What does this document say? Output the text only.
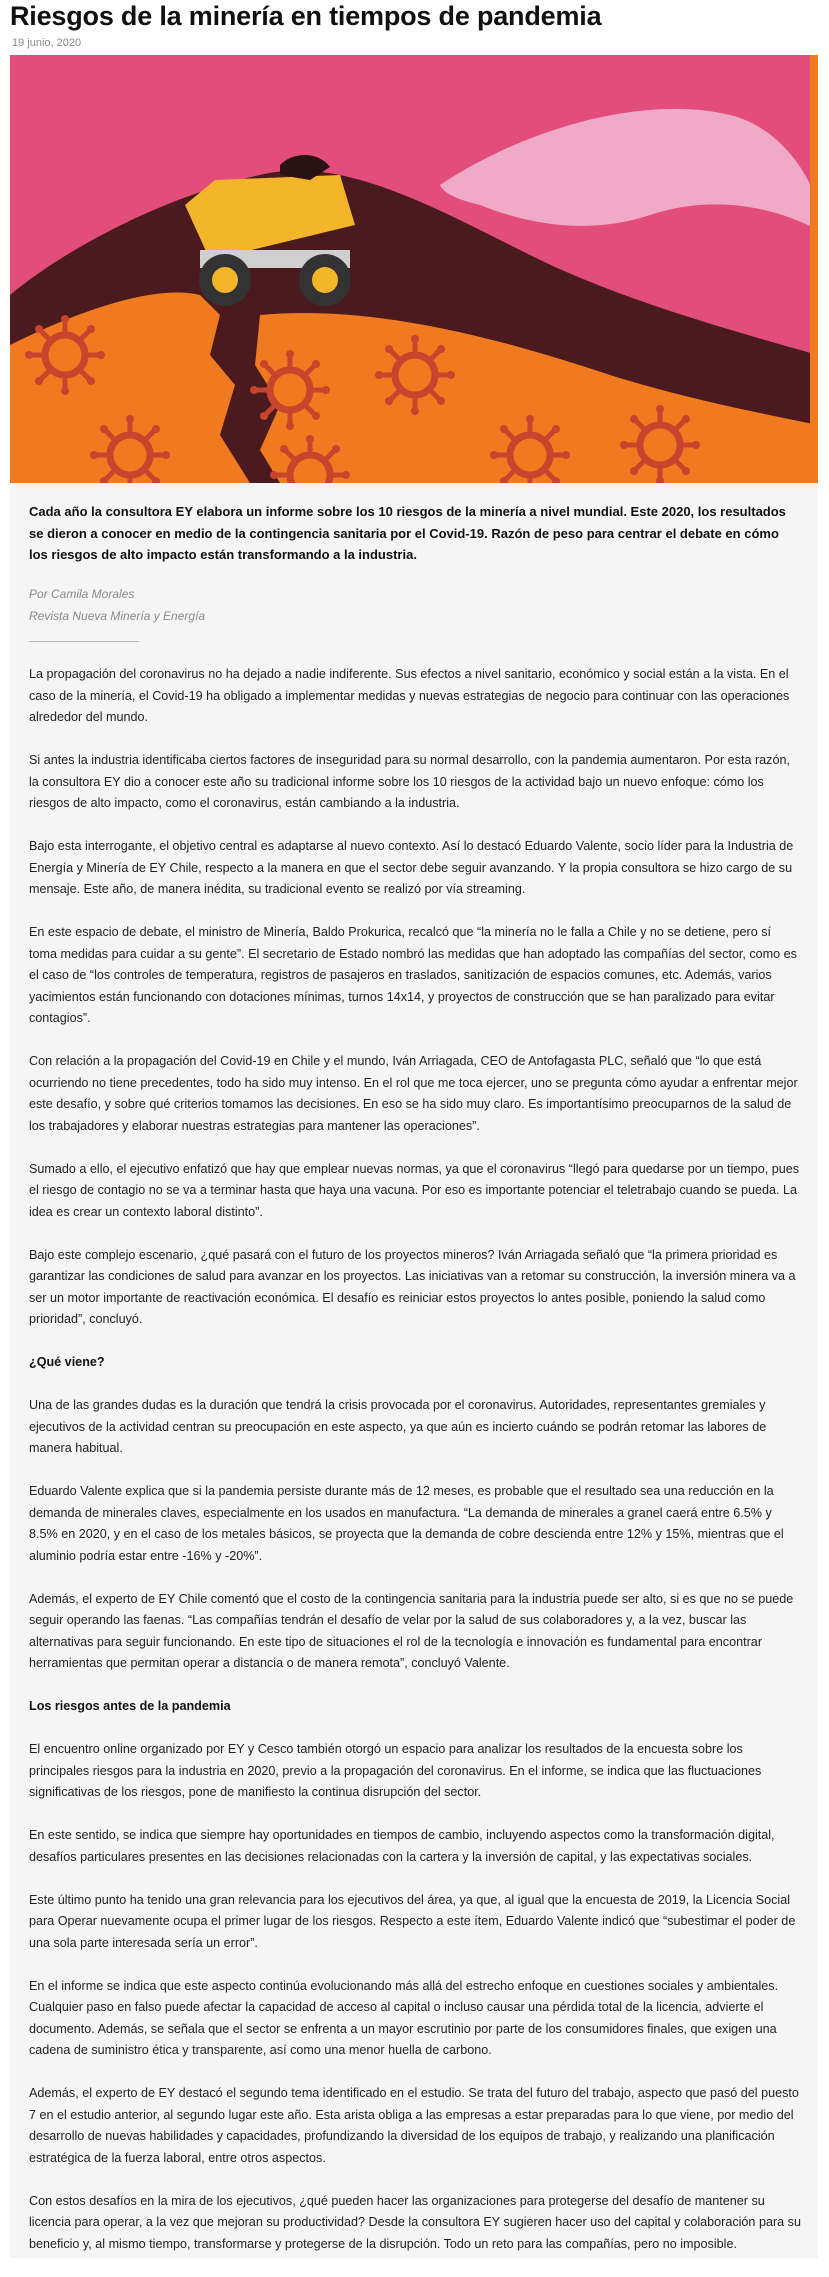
Riesgos de la minería en tiempos de pandemia
19 junio, 2020

Cada año la consultora EY elabora un informe sobre los 10 riesgos de la minería a nivel mundial. Este 2020, los resultados se dieron a conocer en medio de la contingencia sanitaria por el Covid-19. Razón de peso para centrar el debate en cómo los riesgos de alto impacto están transformando a la industria.

Por Camila Morales
Revista Nueva Minería y Energía

La propagación del coronavirus no ha dejado a nadie indiferente. Sus efectos a nivel sanitario, económico y social están a la vista. En el caso de la minería, el Covid-19 ha obligado a implementar medidas y nuevas estrategias de negocio para continuar con las operaciones alrededor del mundo.

Si antes la industria identificaba ciertos factores de inseguridad para su normal desarrollo, con la pandemia aumentaron. Por esta razón, la consultora EY dio a conocer este año su tradicional informe sobre los 10 riesgos de la actividad bajo un nuevo enfoque: cómo los riesgos de alto impacto, como el coronavirus, están cambiando a la industria.

Bajo esta interrogante, el objetivo central es adaptarse al nuevo contexto. Así lo destacó Eduardo Valente, socio líder para la Industria de Energía y Minería de EY Chile, respecto a la manera en que el sector debe seguir avanzando. Y la propia consultora se hizo cargo de su mensaje. Este año, de manera inédita, su tradicional evento se realizó por vía streaming.

En este espacio de debate, el ministro de Minería, Baldo Prokurica, recalcó que “la minería no le falla a Chile y no se detiene, pero sí toma medidas para cuidar a su gente”. El secretario de Estado nombró las medidas que han adoptado las compañías del sector, como es el caso de “los controles de temperatura, registros de pasajeros en traslados, sanitización de espacios comunes, etc. Además, varios yacimientos están funcionando con dotaciones mínimas, turnos 14x14, y proyectos de construcción que se han paralizado para evitar contagios”.

Con relación a la propagación del Covid-19 en Chile y el mundo, Iván Arriagada, CEO de Antofagasta PLC, señaló que “lo que está ocurriendo no tiene precedentes, todo ha sido muy intenso. En el rol que me toca ejercer, uno se pregunta cómo ayudar a enfrentar mejor este desafío, y sobre qué criterios tomamos las decisiones. En eso se ha sido muy claro. Es importantísimo preocuparnos de la salud de los trabajadores y elaborar nuestras estrategias para mantener las operaciones”.

Sumado a ello, el ejecutivo enfatizó que hay que emplear nuevas normas, ya que el coronavirus “llegó para quedarse por un tiempo, pues el riesgo de contagio no se va a terminar hasta que haya una vacuna. Por eso es importante potenciar el teletrabajo cuando se pueda. La idea es crear un contexto laboral distinto”.

Bajo este complejo escenario, ¿qué pasará con el futuro de los proyectos mineros? Iván Arriagada señaló que “la primera prioridad es garantizar las condiciones de salud para avanzar en los proyectos. Las iniciativas van a retomar su construcción, la inversión minera va a ser un motor importante de reactivación económica. El desafío es reiniciar estos proyectos lo antes posible, poniendo la salud como prioridad”, concluyó.

¿Qué viene?

Una de las grandes dudas es la duración que tendrá la crisis provocada por el coronavirus. Autoridades, representantes gremiales y ejecutivos de la actividad centran su preocupación en este aspecto, ya que aún es incierto cuándo se podrán retomar las labores de manera habitual.

Eduardo Valente explica que si la pandemia persiste durante más de 12 meses, es probable que el resultado sea una reducción en la demanda de minerales claves, especialmente en los usados en manufactura. “La demanda de minerales a granel caerá entre 6.5% y 8.5% en 2020, y en el caso de los metales básicos, se proyecta que la demanda de cobre descienda entre 12% y 15%, mientras que el aluminio podría estar entre -16% y -20%”.

Además, el experto de EY Chile comentó que el costo de la contingencia sanitaria para la industria puede ser alto, si es que no se puede seguir operando las faenas. “Las compañías tendrán el desafío de velar por la salud de sus colaboradores y, a la vez, buscar las alternativas para seguir funcionando. En este tipo de situaciones el rol de la tecnología e innovación es fundamental para encontrar herramientas que permitan operar a distancia o de manera remota”, concluyó Valente.

Los riesgos antes de la pandemia

El encuentro online organizado por EY y Cesco también otorgó un espacio para analizar los resultados de la encuesta sobre los principales riesgos para la industria en 2020, previo a la propagación del coronavirus. En el informe, se indica que las fluctuaciones significativas de los riesgos, pone de manifiesto la continua disrupción del sector.

En este sentido, se indica que siempre hay oportunidades en tiempos de cambio, incluyendo aspectos como la transformación digital, desafíos particulares presentes en las decisiones relacionadas con la cartera y la inversión de capital, y las expectativas sociales.

Este último punto ha tenido una gran relevancia para los ejecutivos del área, ya que, al igual que la encuesta de 2019, la Licencia Social para Operar nuevamente ocupa el primer lugar de los riesgos. Respecto a este ítem, Eduardo Valente indicó que “subestimar el poder de una sola parte interesada sería un error”.

En el informe se indica que este aspecto continúa evolucionando más allá del estrecho enfoque en cuestiones sociales y ambientales. Cualquier paso en falso puede afectar la capacidad de acceso al capital o incluso causar una pérdida total de la licencia, advierte el documento. Además, se señala que el sector se enfrenta a un mayor escrutinio por parte de los consumidores finales, que exigen una cadena de suministro ética y transparente, así como una menor huella de carbono.

Además, el experto de EY destacó el segundo tema identificado en el estudio. Se trata del futuro del trabajo, aspecto que pasó del puesto 7 en el estudio anterior, al segundo lugar este año. Esta arista obliga a las empresas a estar preparadas para lo que viene, por medio del desarrollo de nuevas habilidades y capacidades, profundizando la diversidad de los equipos de trabajo, y realizando una planificación estratégica de la fuerza laboral, entre otros aspectos.

Con estos desafíos en la mira de los ejecutivos, ¿qué pueden hacer las organizaciones para protegerse del desafío de mantener su licencia para operar, a la vez que mejoran su productividad? Desde la consultora EY sugieren hacer uso del capital y colaboración para su beneficio y, al mismo tiempo, transformarse y protegerse de la disrupción. Todo un reto para las compañías, pero no imposible.
